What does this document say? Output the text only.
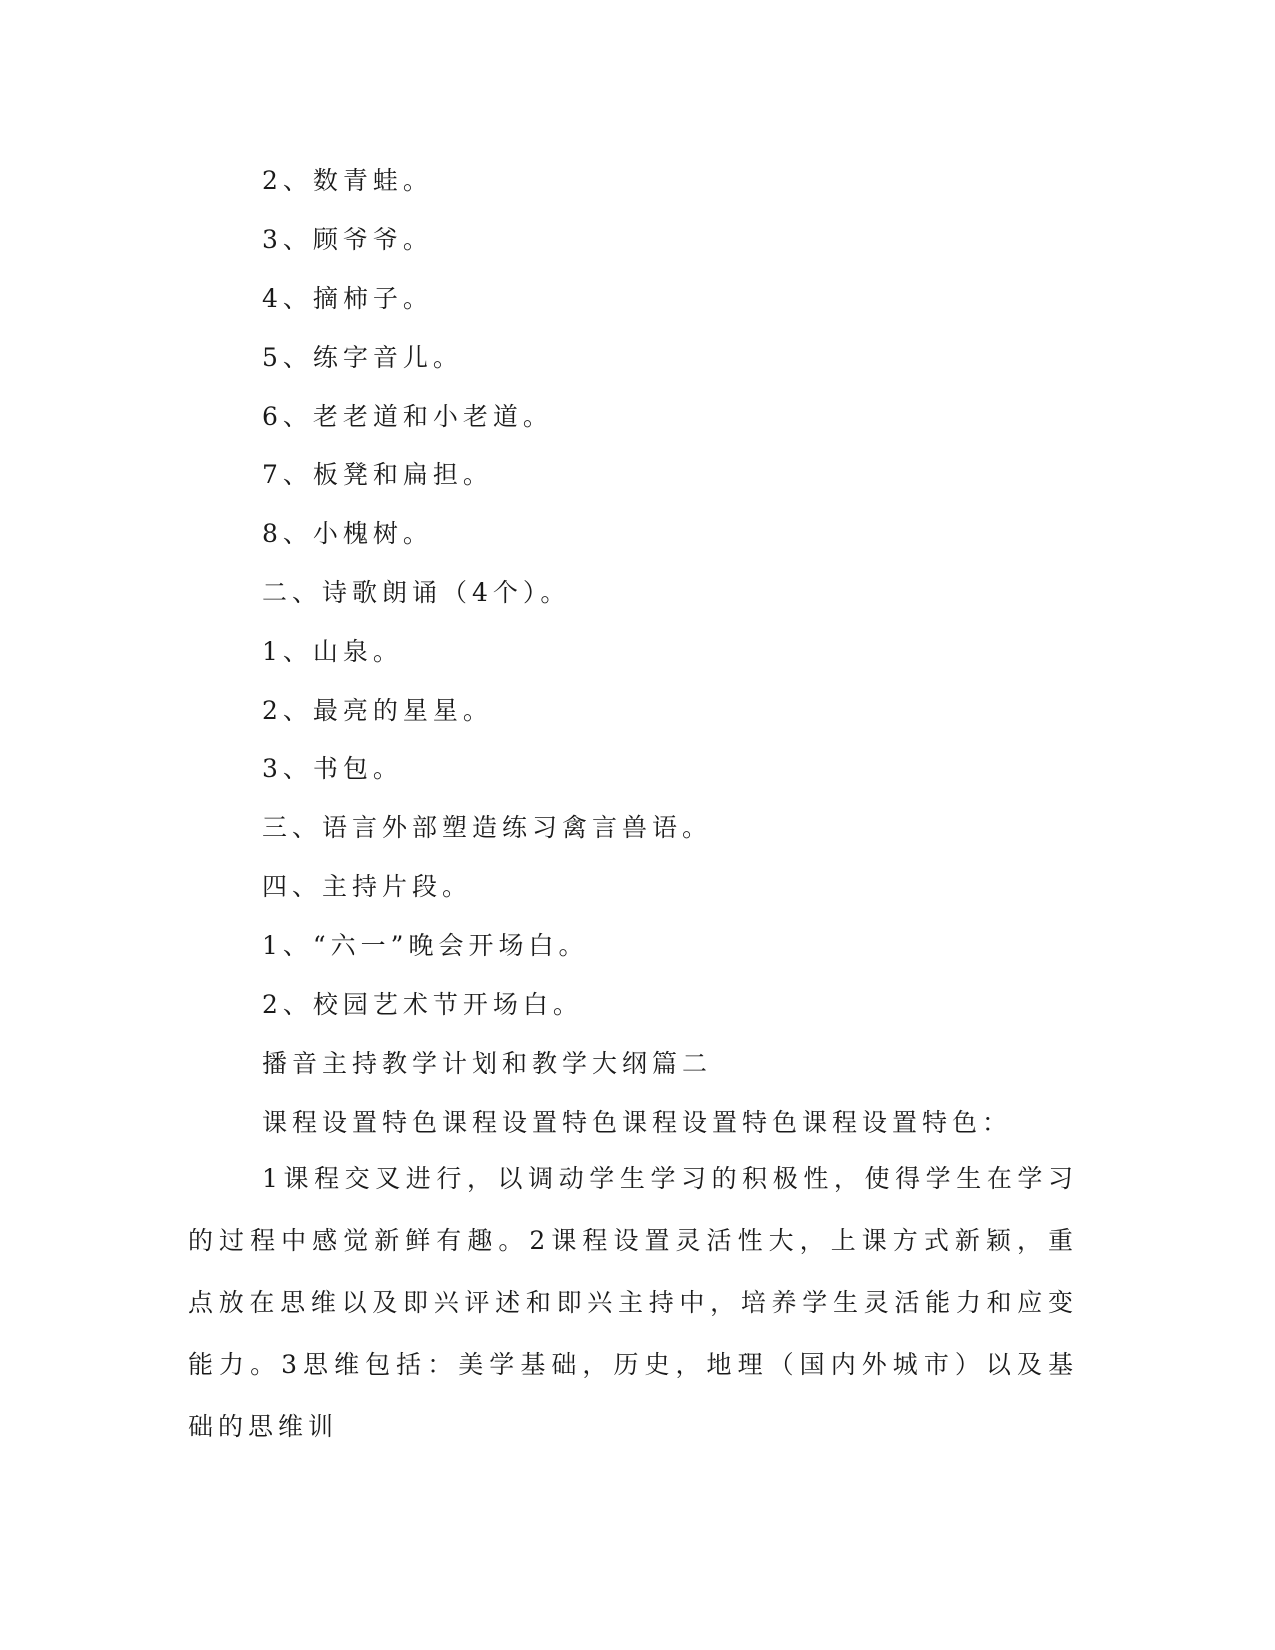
2、数青蛙。
3、顾爷爷。
4、摘柿子。
5、练字音儿。
6、老老道和小老道。
7、板凳和扁担。
8、小槐树。
二、诗歌朗诵（4个）。
1、山泉。
2、最亮的星星。
3、书包。
三、语言外部塑造练习禽言兽语。
四、主持片段。
1、“六一”晚会开场白。
2、校园艺术节开场白。
播音主持教学计划和教学大纲篇二
课程设置特色课程设置特色课程设置特色课程设置特色：
1课程交叉进行，以调动学生学习的积极性，使得学生在学习的过程中感觉新鲜有趣。2课程设置灵活性大，上课方式新颖，重点放在思维以及即兴评述和即兴主持中，培养学生灵活能力和应变能力。3思维包括：美学基础，历史，地理（国内外城市）以及基础的思维训
